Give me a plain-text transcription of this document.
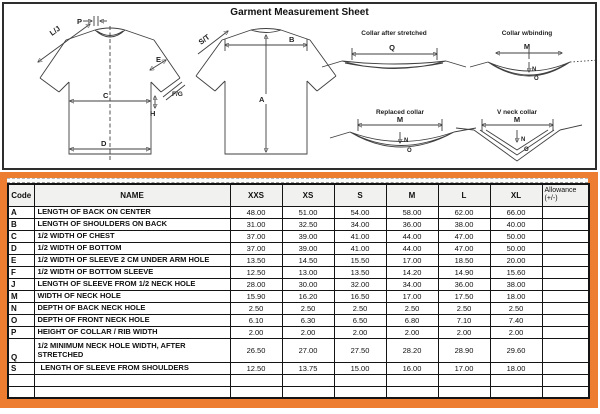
Garment Measurement Sheet
C
D
P
L/J
E
F/G
H
B
A
S/T	Collar after stretched
Q
Collar w/binding
M
N
O
Replaced collar
M
N
O
V neck collar
M
N
O
Code	NAME	XXS	XS	S	M	L	XL	Allowance
(+/-)

A	LENGTH OF BACK ON CENTER	48.00	51.00	54.00	58.00	62.00	66.00	
B	LENGTH OF SHOULDERS ON BACK	31.00	32.50	34.00	36.00	38.00	40.00	
C	1/2 WIDTH OF CHEST	37.00	39.00	41.00	44.00	47.00	50.00	
D	1/2 WIDTH OF BOTTOM	37.00	39.00	41.00	44.00	47.00	50.00	
E	1/2 WIDTH OF SLEEVE 2 CM UNDER ARM HOLE	13.50	14.50	15.50	17.00	18.50	20.00	
F	1/2 WIDTH OF BOTTOM SLEEVE	12.50	13.00	13.50	14.20	14.90	15.60	
J	LENGTH OF SLEEVE FROM 1/2 NECK HOLE	28.00	30.00	32.00	34.00	36.00	38.00	
M	WIDTH OF NECK HOLE	15.90	16.20	16.50	17.00	17.50	18.00	
N	DEPTH OF BACK NECK HOLE	2.50	2.50	2.50	2.50	2.50	2.50	
O	DEPTH OF FRONT NECK HOLE	6.10	6.30	6.50	6.80	7.10	7.40	
P	HEIGHT OF COLLAR / RIB WIDTH	2.00	2.00	2.00	2.00	2.00	2.00	
Q	1/2 MINIMUM NECK HOLE WIDTH, AFTER STRETCHED	26.50	27.00	27.50	28.20	28.90	29.60	
S	LENGTH OF SLEEVE FROM SHOULDERS	12.50	13.75	15.00	16.00	17.00	18.00	
